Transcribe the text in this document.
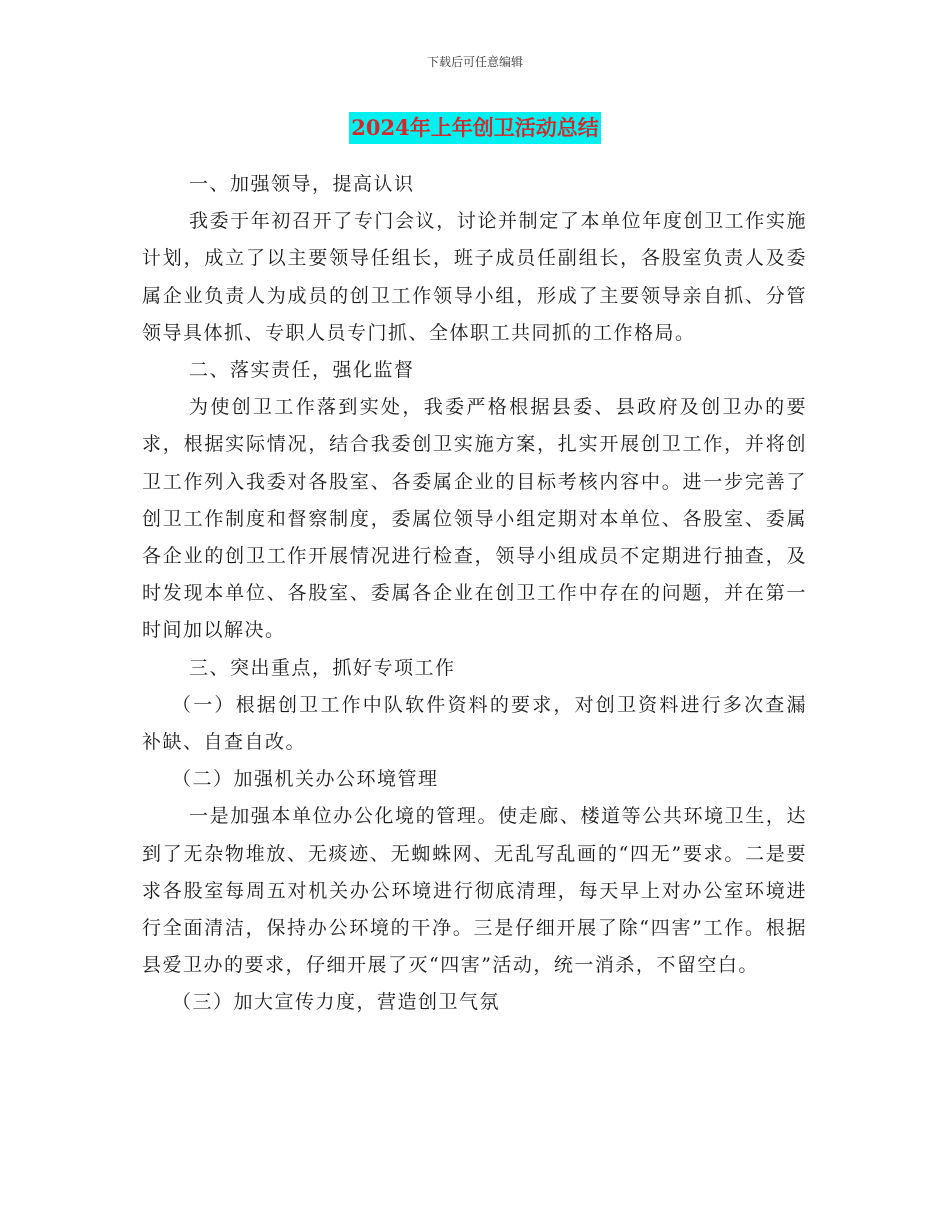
下载后可任意编辑
2024年上年创卫活动总结

一、加强领导，提高认识

我委于年初召开了专门会议，讨论并制定了本单位年度创卫工作实施计划，成立了以主要领导任组长，班子成员任副组长，各股室负责人及委属企业负责人为成员的创卫工作领导小组，形成了主要领导亲自抓、分管领导具体抓、专职人员专门抓、全体职工共同抓的工作格局。

二、落实责任，强化监督

为使创卫工作落到实处，我委严格根据县委、县政府及创卫办的要求，根据实际情况，结合我委创卫实施方案，扎实开展创卫工作，并将创卫工作列入我委对各股室、各委属企业的目标考核内容中。进一步完善了创卫工作制度和督察制度，委属位领导小组定期对本单位、各股室、委属各企业的创卫工作开展情况进行检查，领导小组成员不定期进行抽查，及时发现本单位、各股室、委属各企业在创卫工作中存在的问题，并在第一时间加以解决。

三、突出重点，抓好专项工作

（一）根据创卫工作中队软件资料的要求，对创卫资料进行多次查漏补缺、自查自改。

（二）加强机关办公环境管理

一是加强本单位办公化境的管理。使走廊、楼道等公共环境卫生，达到了无杂物堆放、无痰迹、无蜘蛛网、无乱写乱画的“四无”要求。二是要求各股室每周五对机关办公环境进行彻底清理，每天早上对办公室环境进行全面清洁，保持办公环境的干净。三是仔细开展了除“四害”工作。根据县爱卫办的要求，仔细开展了灭“四害”活动，统一消杀，不留空白。

（三）加大宣传力度，营造创卫气氛
